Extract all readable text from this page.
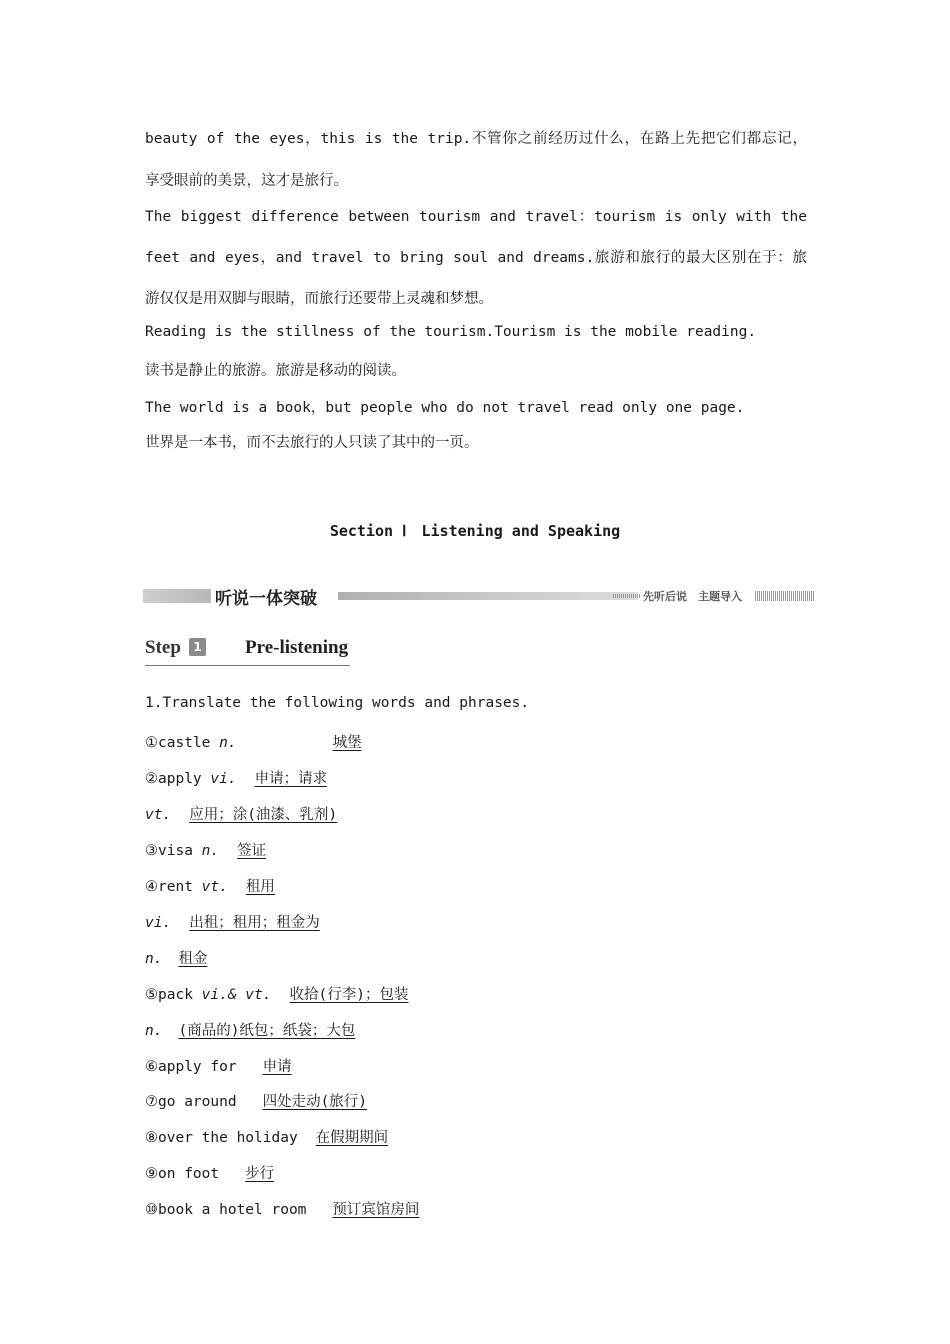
beauty of the eyes，this is the trip.不管你之前经历过什么，在路上先把它们都忘记，
享受眼前的美景，这才是旅行。
The biggest difference between tourism and travel：tourism is only with the
feet and eyes，and travel to bring soul and dreams.旅游和旅行的最大区别在于：旅
游仅仅是用双脚与眼睛，而旅行还要带上灵魂和梦想。
Reading is the stillness of the tourism.Tourism is the mobile reading.
读书是静止的旅游。旅游是移动的阅读。
The world is a book，but people who do not travel read only one page.
世界是一本书，而不去旅行的人只读了其中的一页。
Section Ⅰ　Listening and Speaking
听说一体突破	先听后说　主题导入
Step	1 Pre-listening
1.Translate the following words and phrases.
①castle n.	城堡
②apply vi. 申请；请求
vt. 应用；涂(油漆、乳剂)
③visa n. 签证
④rent vt. 租用
vi. 出租；租用；租金为
n. 租金
⑤pack vi.& vt. 收拾(行李)；包装
n. (商品的)纸包；纸袋；大包
⑥apply for 申请
⑦go around 四处走动(旅行)
⑧over the holiday 在假期期间
⑨on foot 步行
⑩book a hotel room 预订宾馆房间
